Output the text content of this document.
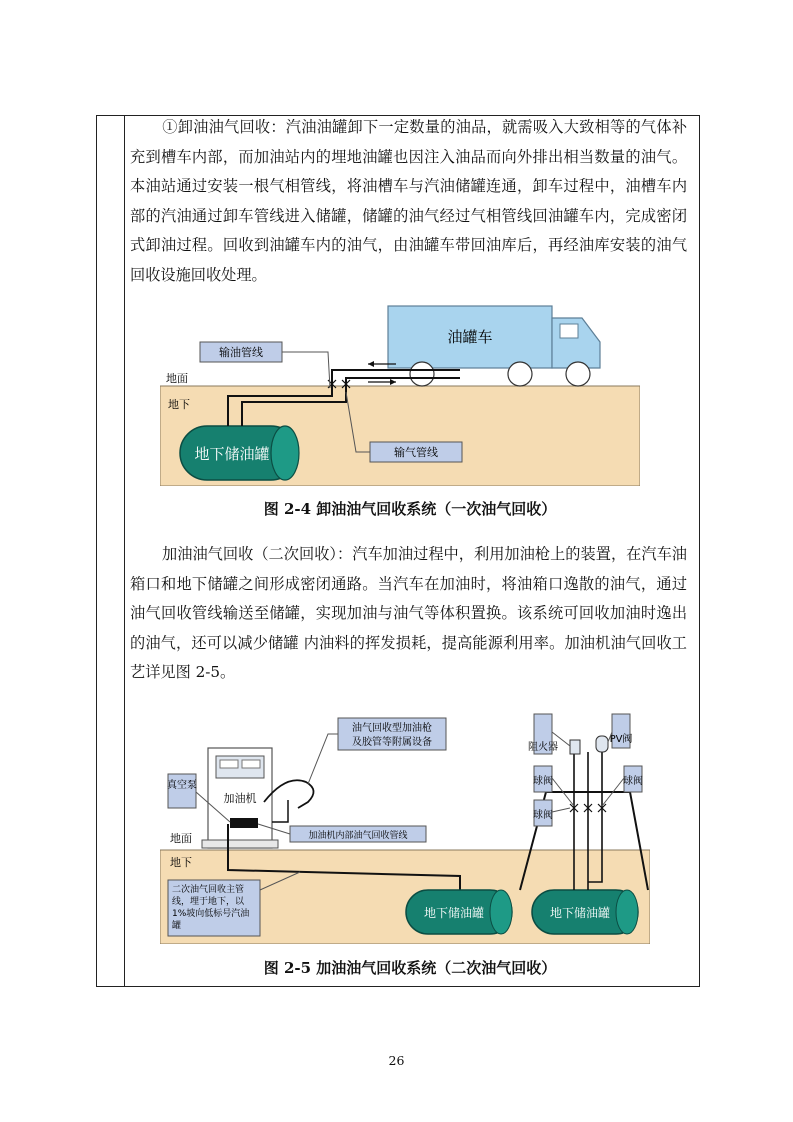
①卸油油气回收：汽油油罐卸下一定数量的油品，就需吸入大致相等的气体补充到槽车内部，而加油站内的埋地油罐也因注入油品而向外排出相当数量的油气。本油站通过安装一根气相管线，将油槽车与汽油储罐连通，卸车过程中，油槽车内部的汽油通过卸车管线进入储罐，储罐的油气经过气相管线回油罐车内，完成密闭式卸油过程。回收到油罐车内的油气，由油罐车带回油库后，再经油库安装的油气回收设施回收处理。
地面
地下
油罐车
地下储油罐
输油管线
输气管线
图 2-4 卸油油气回收系统（一次油气回收）
加油油气回收（二次回收）：汽车加油过程中，利用加油枪上的装置，在汽车油箱口和地下储罐之间形成密闭通路。当汽车在加油时，将油箱口逸散的油气，通过油气回收管线输送至储罐，实现加油与油气等体积置换。该系统可回收加油时逸出的油气，还可以减少储罐 内油料的挥发损耗，提高能源利用率。加油机油气回收工艺详见图 2-5。
地面
地下
加油机
真空泵
油气回收型加油枪
及胶管等附属设备
加油机内部油气回收管线
二次油气回收主管
线，埋于地下，以
1%坡向低标号汽油
罐
地下储油罐	地下储油罐
阻火器
PV阀
球阀	球阀
球阀
图 2-5 加油油气回收系统（二次油气回收）
26
